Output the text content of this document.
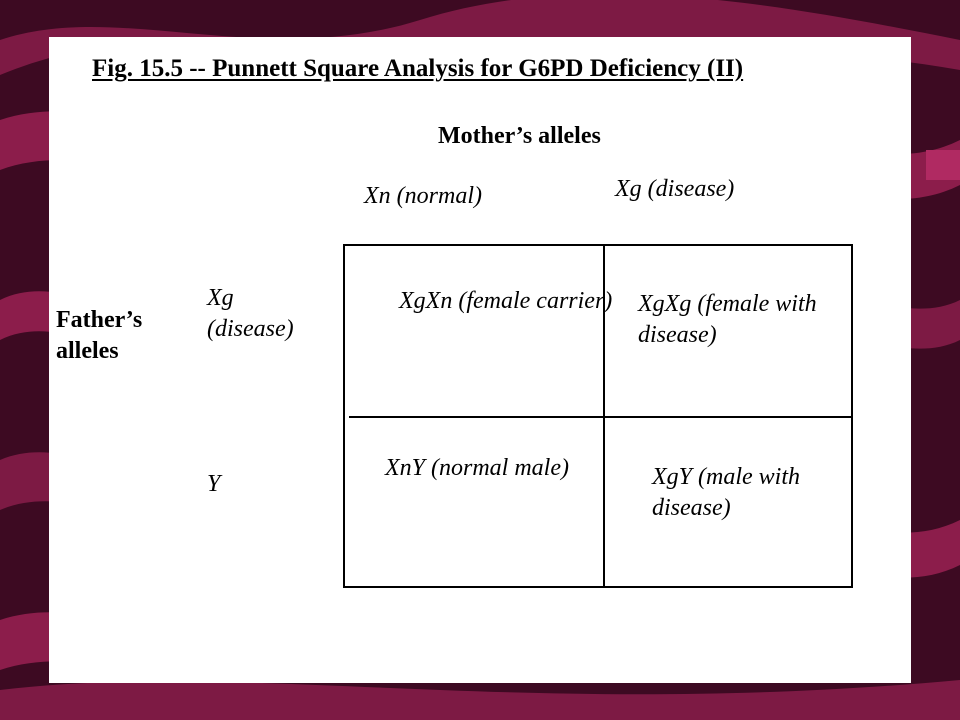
Fig. 15.5 -- Punnett Square Analysis for G6PD Deficiency (II)
Mother’s alleles
Xn (normal)	Xg (disease)
Father’s alleles
Xg (disease)
Y
XgXn (female carrier) XgXg (female with disease)
XnY (normal male)	XgY (male with disease)
